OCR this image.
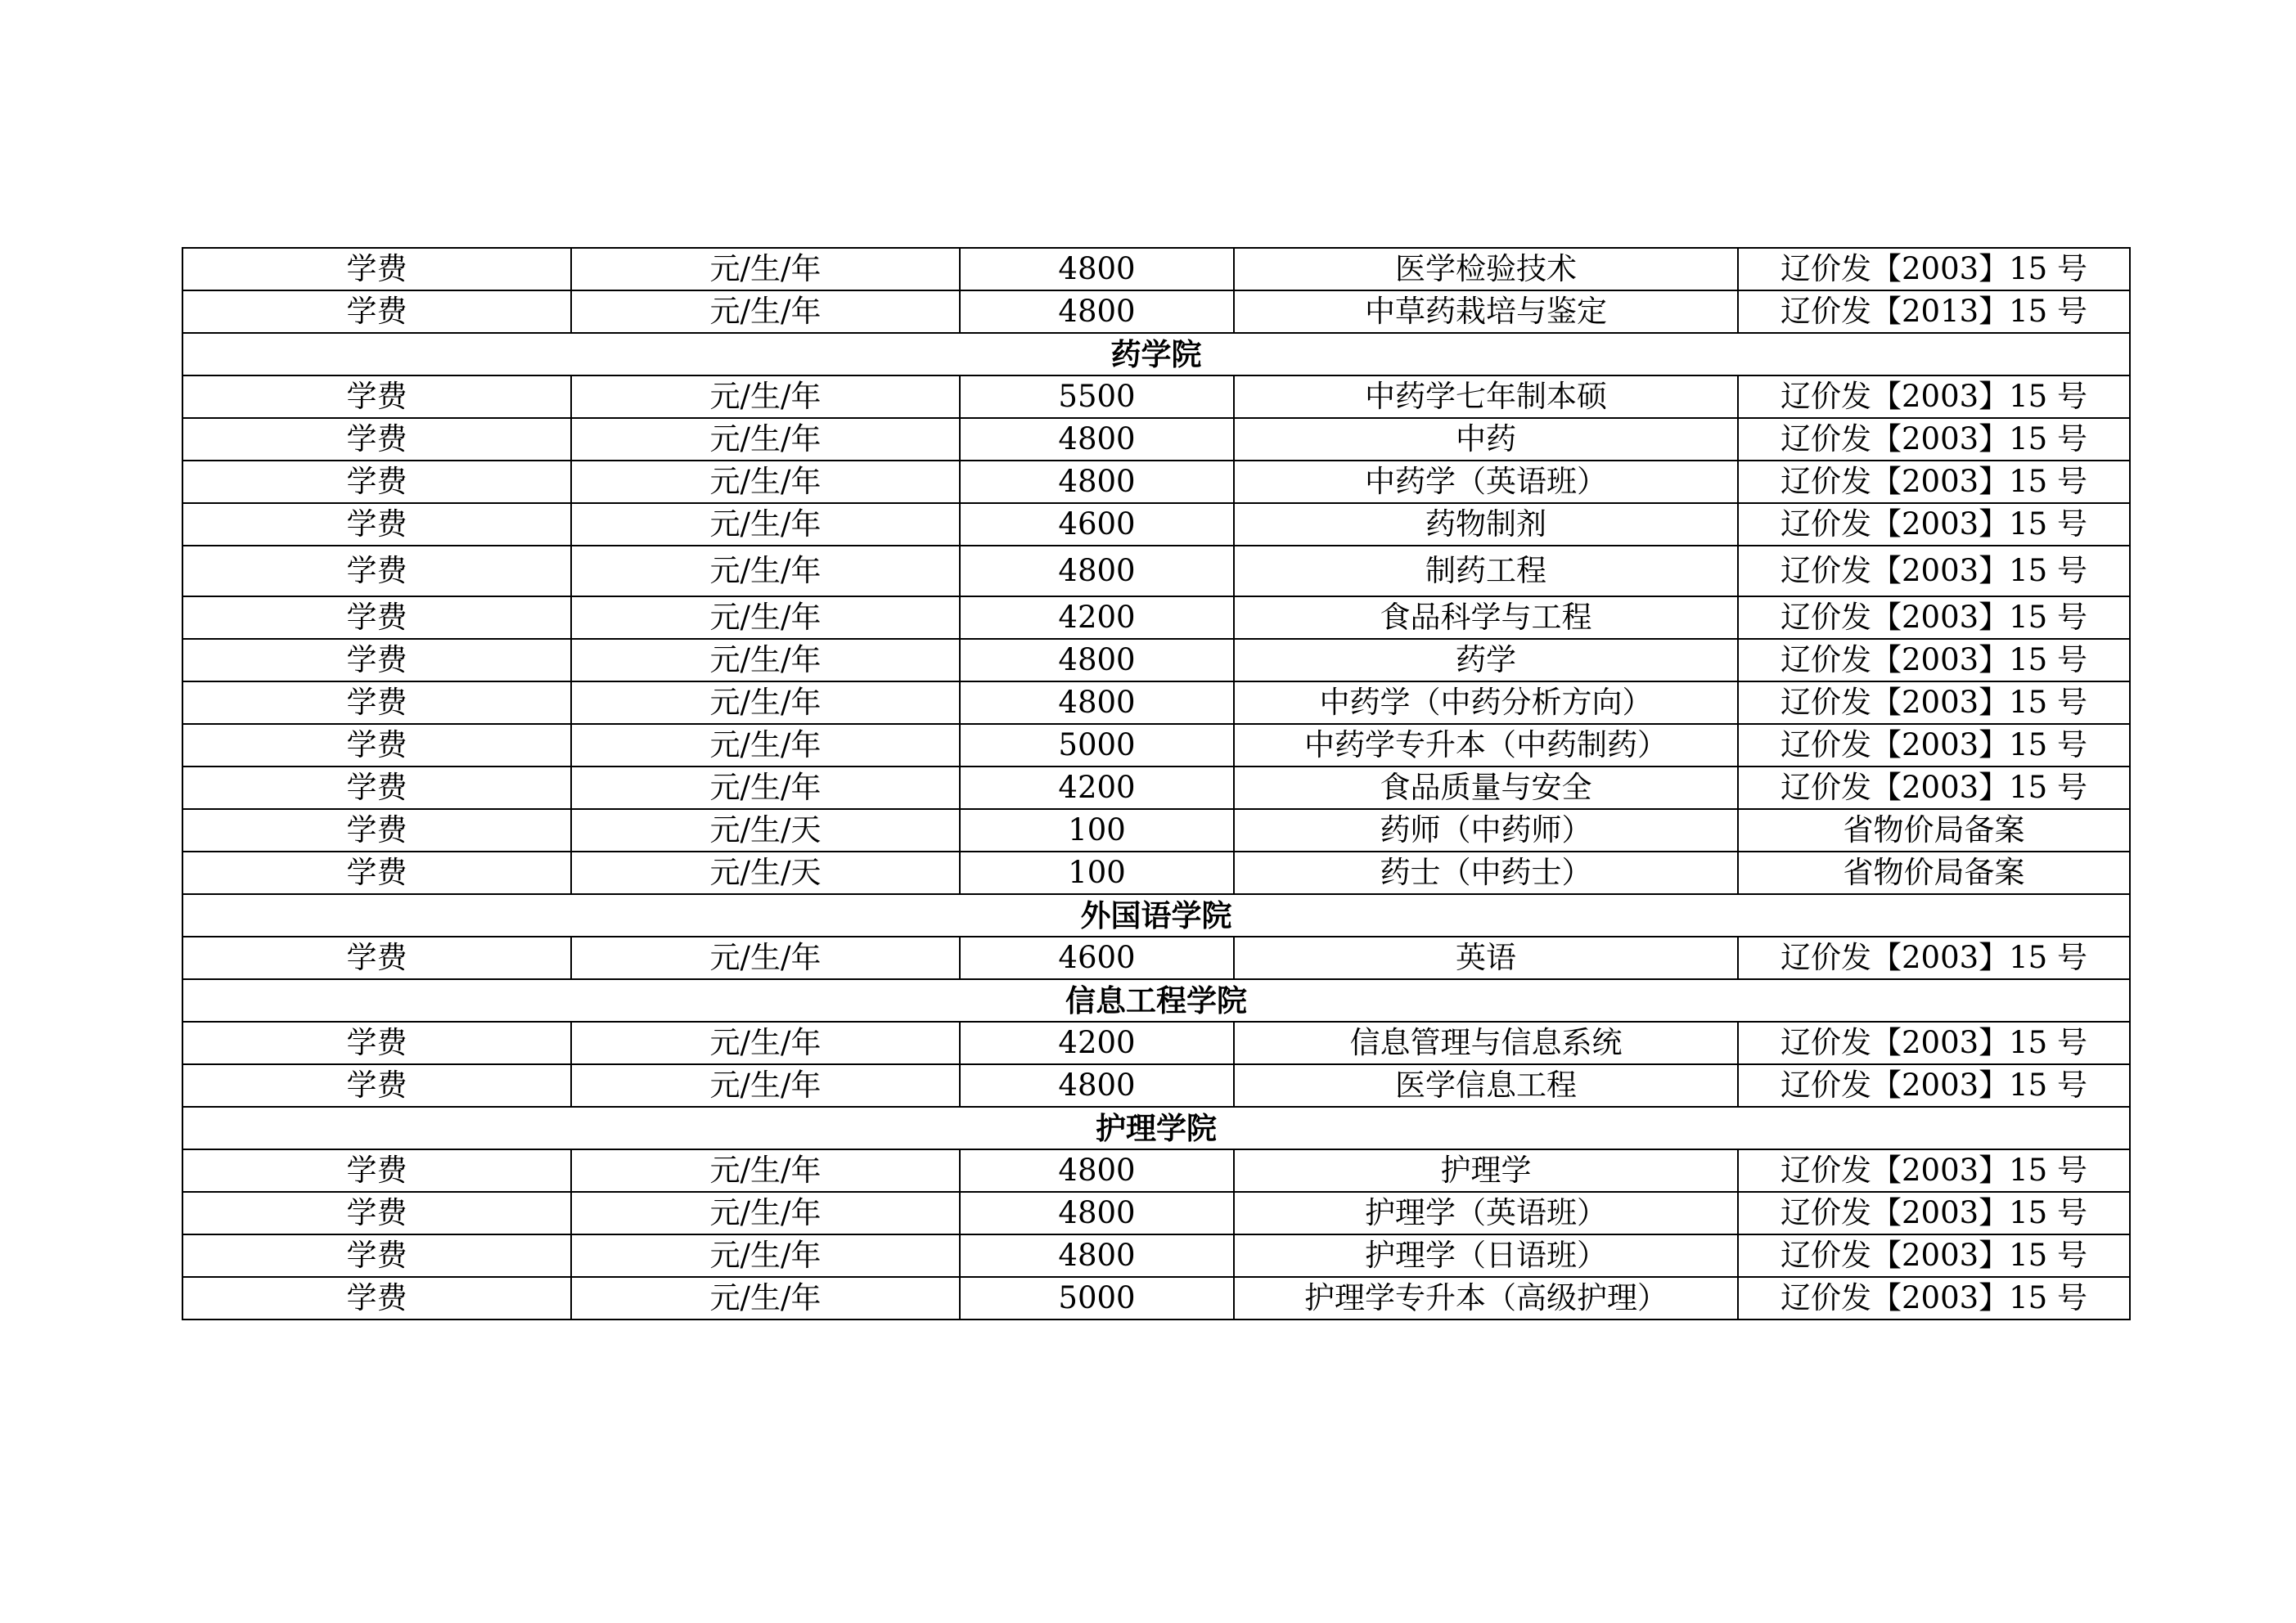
学费	元/生/年	4800	医学检验技术	辽价发【2003】15 号
学费	元/生/年	4800	中草药栽培与鉴定	辽价发【2013】15 号
药学院				
学费	元/生/年	5500	中药学七年制本硕	辽价发【2003】15 号
学费	元/生/年	4800	中药	辽价发【2003】15 号
学费	元/生/年	4800	中药学（英语班）	辽价发【2003】15 号
学费	元/生/年	4600	药物制剂	辽价发【2003】15 号
学费	元/生/年	4800	制药工程	辽价发【2003】15 号
学费	元/生/年	4200	食品科学与工程	辽价发【2003】15 号
学费	元/生/年	4800	药学	辽价发【2003】15 号
学费	元/生/年	4800	中药学（中药分析方向）	辽价发【2003】15 号
学费	元/生/年	5000	中药学专升本（中药制药）	辽价发【2003】15 号
学费	元/生/年	4200	食品质量与安全	辽价发【2003】15 号
学费	元/生/天	100	药师（中药师）	省物价局备案
学费	元/生/天	100	药士（中药士）	省物价局备案
外国语学院				
学费	元/生/年	4600	英语	辽价发【2003】15 号
信息工程学院				
学费	元/生/年	4200	信息管理与信息系统	辽价发【2003】15 号
学费	元/生/年	4800	医学信息工程	辽价发【2003】15 号
护理学院				
学费	元/生/年	4800	护理学	辽价发【2003】15 号
学费	元/生/年	4800	护理学（英语班）	辽价发【2003】15 号
学费	元/生/年	4800	护理学（日语班）	辽价发【2003】15 号
学费	元/生/年	5000	护理学专升本（高级护理）	辽价发【2003】15 号
